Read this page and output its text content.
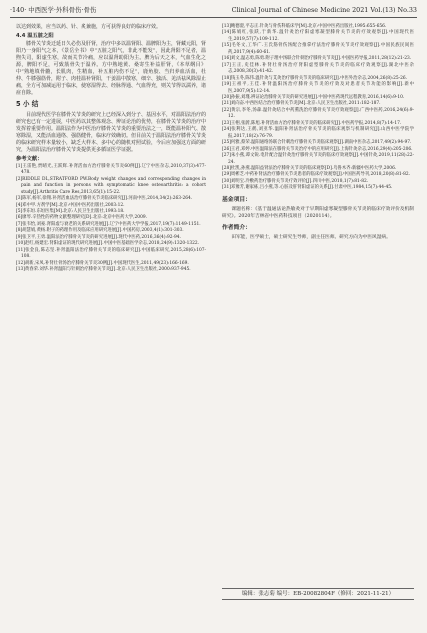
·140· 中西医学·外科骨伤·骨伤	Clinical Journal of Chinese Medicine 2021 Vol.(13) No.33

以达到效果，应当以药、针、炙兼施，方可获得良好的临床疗效。

4.4 温五脏之阳

膝骨关节炎迁延日久必伤及肝肾，治疗中多以温肾阳、温脾阳为主，肾藏元阳，肾阳乃一身阳气之本，《景岳全书》中“五脏之阳气，非此不能发”，因此肾阳不足者，温煦失司，阳虚生寒，故而关节冷痛，应以温肾助阳为主。脾为后天之本，气血生化之源，脾阳不足，可致筋骨失于温养。方中熟地黄、桑寄生补益肝肾，《本草纲目》中“熟地填骨髓，长肌肉，生精血，补五脏内伤不足”，鹿角胶、当归养血活血，杜仲、牛膝强筋骨，附子、肉桂温补肾阳，干姜温中散寒，细辛、独活、羌活祛风除湿止痛，全方可加减运用于临床，使寒湿得去、经脉得通、气血得充，则关节得以濡养，诸症自除。

5 小 结

目前现代医学在膝骨关节炎的研究上已经深入到分子、基因水平，对温阳法治疗的研究也已有一定进展，中医药以其整体观念、辨证论治的优势，在膝骨关节炎的治疗中发挥着重要作用。温阳法作为中医治疗膝骨关节炎的重要治法之一，既能温补阳气、散寒除湿，又能活血通络、强筋健骨，临床疗效确切。但目前关于温阳法治疗膝骨关节炎的临床研究样本量较小，缺乏大样本、多中心的随机对照试验，今后应加强这方面的研究，为温阳法治疗膝骨关节炎提供更多循证医学证据。

参考文献：
[1]王雷艳,贾晴光,王跃辉.补肾活血方治疗膝骨关节炎60例[J].辽宁中医杂志,2010,37(3):477-478.
[2]RIDDLE DL,STRATFORD PW.Body weight changes and corresponding changes in pain and function in persons with symptomatic knee osteoarthritis: a cohort study[J].Arthritis Care Res,2013,65(1):15-22.
[3]陈军,杨军,徐翔.补肾活血法治疗膝骨关节炎临床研究[J].河南中医,2014,34(2):263-264.
[4]邓中甲.方剂学[M].北京:中国中医药出版社,2003:12.
[5]李东垣.东垣医集[M].北京:人民卫生出版社,1993:18.
[6]廖琴.辛热性的药物文献整理研究[D].北京:北京中医药大学,2009.
[7]张韦怡,刘豪.肾阳虚与衰老的关系研究进展[J].辽宁中医药大学学报,2017,19(7):1149-1151.
[8]胡慧娟,黄杨.附子的药理作用及临床应用研究进展[J].中国药房,2003,4(1):301-303.
[9]张卫平,王勇.温阳法治疗膝骨关节炎的研究进展[J].现代中医药,2016,36(4):92-94.
[10]赵红,杨建宏.肾阳虚证的现代研究进展[J].中国中医基础医学杂志,2018,24(9):1320-1322.
[11]张金良,陈志坚.补肾温阳法治疗膝骨关节炎的临床研究[J].中国临床研究,2015,28(6):107-108.
[12]胡新,宋凤.补肾壮骨汤治疗膝骨关节炎30例[J].中国现代医生,2011,49(23):166-169.
[13]黄春荣.刘华.补肾温阳与针刺治疗膝骨关节炎[J].北京:人民卫生出版社,2000:937-945.
[13]鲍德澄,平志正.针灸与骨伤科临床学[M].北京:中国中医药出版社,1995:655-656.
[14]陈娟红,张跃,于新华.温针灸治疗阳虚寒凝型膝骨关节炎的疗效观察[J].中国现代医生,2019,57(7):109-112.
[15]毛冬文,工华广.王氏筋骨伤汤配合推拿疗法治疗膝骨关节炎疗效观察[J].中国民族民间医药,2017,9(4):60-61.
[16]刘文,温志勇,陈勇.附子理中汤联合针刺治疗膝骨关节炎[J].中国医药导报,2011,28(12):21-23.
[17]王正,史佳林.补肾壮骨汤治疗肾阳虚型膝骨关节炎的临床疗效观察[J].湖北中医杂志,2008,30(3):41-42.
[18]钱玉冬,陈伟.温针灸与艾灸治疗膝骨关节炎的临床研究[J].中医外治杂志,2004,26(8):25-26.
[19]王祖平,王佳.补肾温阳汤治疗膝骨关节炎的疗效及对患者关节功能的影响[J].新中医,2007,9(5):12-14.
[20]孙振,刘瑾.辨证论治膝骨关节炎的研究进展[J].中国中医药现代远程教育,2016,14(6):9-10.
[21]刘向奋.中西医结合治疗膝骨关节炎[M].北京:人民卫生出版社,2011:182-187.
[22]黄宗,李冬,汤森.温针灸结合中药熏洗治疗膝骨关节炎疗效观察[J].广西中医药,2016,24(6):9-12.
[23]王栩,张蔚,陈旭.补肾活血方治疗膝骨关节炎的临床研究[J].中医药学报,2014,8(7):14-17.
[24]张利达,王鹤,刘亚华.温阳补肾法治疗骨关节炎的临床观察与机制研究[J].山西中医学院学报,2017,18(2):76-79.
[25]何雅,蔡荣.温阳通络汤联合针刺治疗膝骨关节炎临床观察[J].湖南中医杂志,2017,49(2):94-97.
[26]王君,邓婷.中医温阳法在膝骨关节炎治疗中的应用研究[J].上海针灸杂志,2016,29(4):205-206.
[27]朱小燕,谭文锐.电针配合温针灸治疗膝骨关节炎的临床疗效观察[J].中国针灸,2019,11(28):22-24.
[28]杜凯,孙燕.温阳益肾法治疗膝骨关节炎的临床观察[D].乌鲁木齐:新疆中医药大学,2006.
[29]周彬芝.中药补肾法治疗膝骨关节炎患者的临床疗效观察[J].中国医药导刊,2018,20(8):81-82.
[30]刘明宝.冷敷药治疗膝骨关节炎疗效评价[J].四川中医,2018,1(7):81-82.
[31]邓豫芳,谢家栋,吕小燕,等.心脏及肝肾阳虚证的关系[J].甘肃中医,1984,15(7):44-45.
基金项目：

课题名称：《基于温通法论热敏灸对于早期阳虚寒凝型膝骨关节炎的临床疗效评价及机制研究》。2020年吉林省中医药科技项目（2020114）。

作者简介：

田军能，医学硕士，硕士研究生导师，副主任医师。研究方向为中医风湿病。

编辑：张志菊 编号：EB-20082804F（修回：2021-11-21）
